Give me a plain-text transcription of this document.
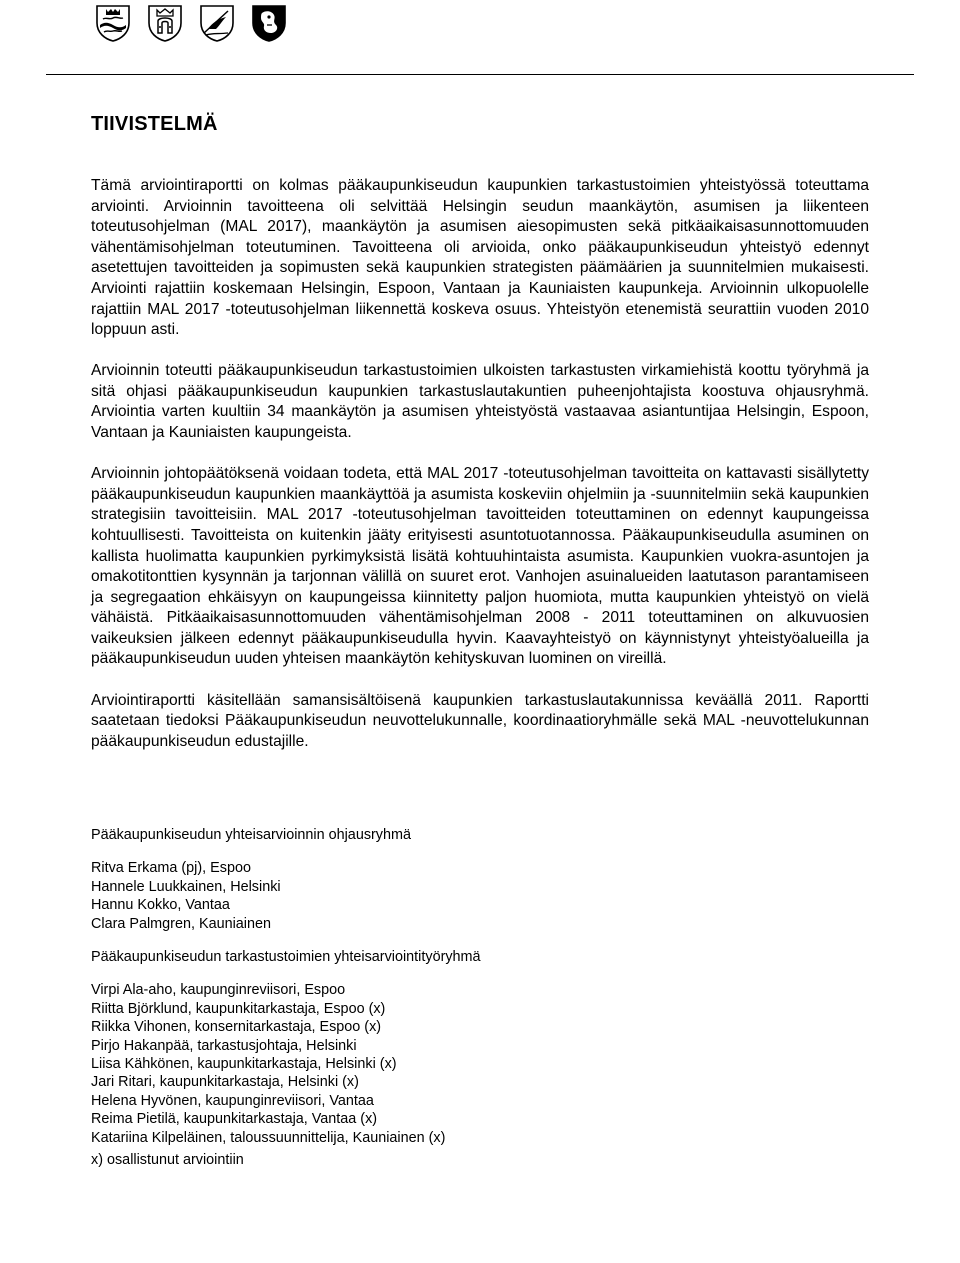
TIIVISTELMÄ

Tämä arviointiraportti on kolmas pääkaupunkiseudun kaupunkien tarkastustoimien yhteistyössä toteuttama arviointi. Arvioinnin tavoitteena oli selvittää Helsingin seudun maankäytön, asumisen ja liikenteen toteutusohjelman (MAL 2017), maankäytön ja asumisen aiesopimusten sekä pitkäaikaisasunnottomuuden vähentämisohjelman toteutuminen. Tavoitteena oli arvioida, onko pääkaupunkiseudun yhteistyö edennyt asetettujen tavoitteiden ja sopimusten sekä kaupunkien strategisten päämäärien ja suunnitelmien mukaisesti. Arviointi rajattiin koskemaan Helsingin, Espoon, Vantaan ja Kauniaisten kaupunkeja. Arvioinnin ulkopuolelle rajattiin MAL 2017 -toteutusohjelman liikennettä koskeva osuus. Yhteistyön etenemistä seurattiin vuoden 2010 loppuun asti.

Arvioinnin toteutti pääkaupunkiseudun tarkastustoimien ulkoisten tarkastusten virkamiehistä koottu työryhmä ja sitä ohjasi pääkaupunkiseudun kaupunkien tarkastuslautakuntien puheenjohtajista koostuva ohjausryhmä. Arviointia varten kuultiin 34 maankäytön ja asumisen yhteistyöstä vastaavaa asiantuntijaa Helsingin, Espoon, Vantaan ja Kauniaisten kaupungeista.

Arvioinnin johtopäätöksenä voidaan todeta, että MAL 2017 -toteutusohjelman tavoitteita on kattavasti sisällytetty pääkaupunkiseudun kaupunkien maankäyttöä ja asumista koskeviin ohjelmiin ja -suunnitelmiin sekä kaupunkien strategisiin tavoitteisiin. MAL 2017 -toteutusohjelman tavoitteiden toteuttaminen on edennyt kaupungeissa kohtuullisesti. Tavoitteista on kuitenkin jääty erityisesti asuntotuotannossa. Pääkaupunkiseudulla asuminen on kallista huolimatta kaupunkien pyrkimyksistä lisätä kohtuuhintaista asumista. Kaupunkien vuokra-asuntojen ja omakotitonttien kysynnän ja tarjonnan välillä on suuret erot. Vanhojen asuinalueiden laatutason parantamiseen ja segregaation ehkäisyyn on kaupungeissa kiinnitetty paljon huomiota, mutta kaupunkien yhteistyö on vielä vähäistä. Pitkäaikaisasunnottomuuden vähentämisohjelman 2008 - 2011 toteuttaminen on alkuvuosien vaikeuksien jälkeen edennyt pääkaupunkiseudulla hyvin. Kaavayhteistyö on käynnistynyt yhteistyöalueilla ja pääkaupunkiseudun uuden yhteisen maankäytön kehityskuvan luominen on vireillä.

Arviointiraportti käsitellään samansisältöisenä kaupunkien tarkastuslautakunnissa keväällä 2011. Raportti saatetaan tiedoksi Pääkaupunkiseudun neuvottelukunnalle, koordinaatioryhmälle sekä MAL -neuvottelukunnan pääkaupunkiseudun edustajille.

Pääkaupunkiseudun yhteisarvioinnin ohjausryhmä
Ritva Erkama (pj), Espoo
Hannele Luukkainen, Helsinki
Hannu Kokko, Vantaa
Clara Palmgren, Kauniainen
Pääkaupunkiseudun tarkastustoimien yhteisarviointityöryhmä
Virpi Ala-aho, kaupunginreviisori, Espoo
Riitta Björklund, kaupunkitarkastaja, Espoo (x)
Riikka Vihonen, konsernitarkastaja, Espoo (x)
Pirjo Hakanpää, tarkastusjohtaja, Helsinki
Liisa Kähkönen, kaupunkitarkastaja, Helsinki (x)
Jari Ritari, kaupunkitarkastaja, Helsinki (x)
Helena Hyvönen, kaupunginreviisori, Vantaa
Reima Pietilä, kaupunkitarkastaja, Vantaa (x)
Katariina Kilpeläinen, taloussuunnittelija, Kauniainen (x)
x) osallistunut arviointiin
